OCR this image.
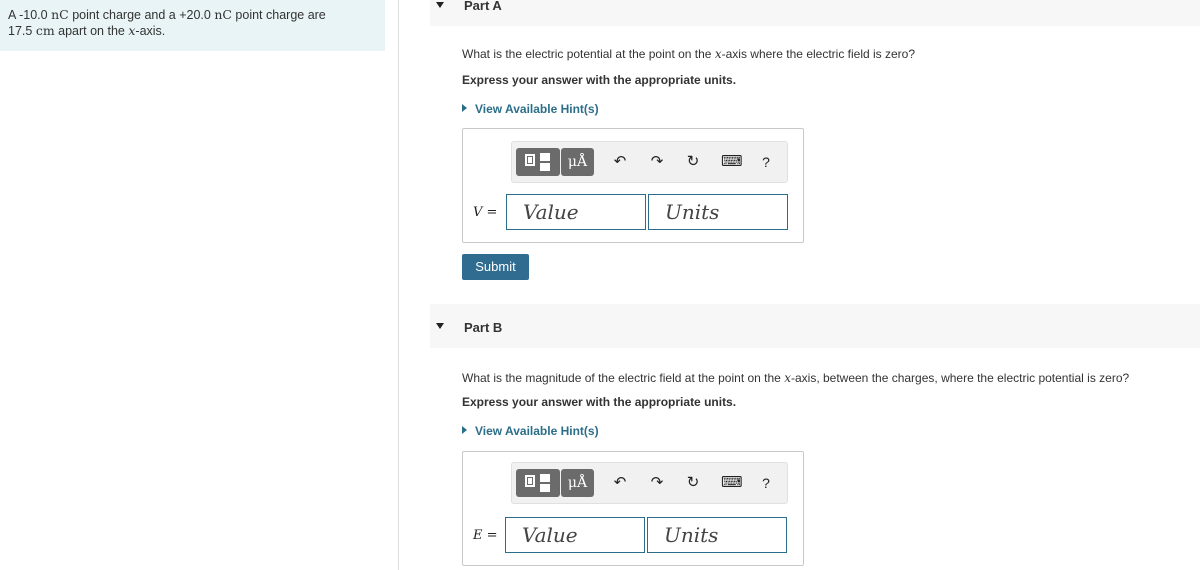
A -10.0 nC point charge and a +20.0 nC point charge are
17.5 cm apart on the x-axis.
Part A
What is the electric potential at the point on the x-axis where the electric field is zero?
Express your answer with the appropriate units.
View Available Hint(s)
μÅ	↶ ↷ ↻ ⌨	?
V =	Value	Units
Submit
Part B
What is the magnitude of the electric field at the point on the x-axis, between the charges, where the electric potential is zero?
Express your answer with the appropriate units.
View Available Hint(s)
μÅ	↶ ↷ ↻ ⌨	?
E =	Value	Units
